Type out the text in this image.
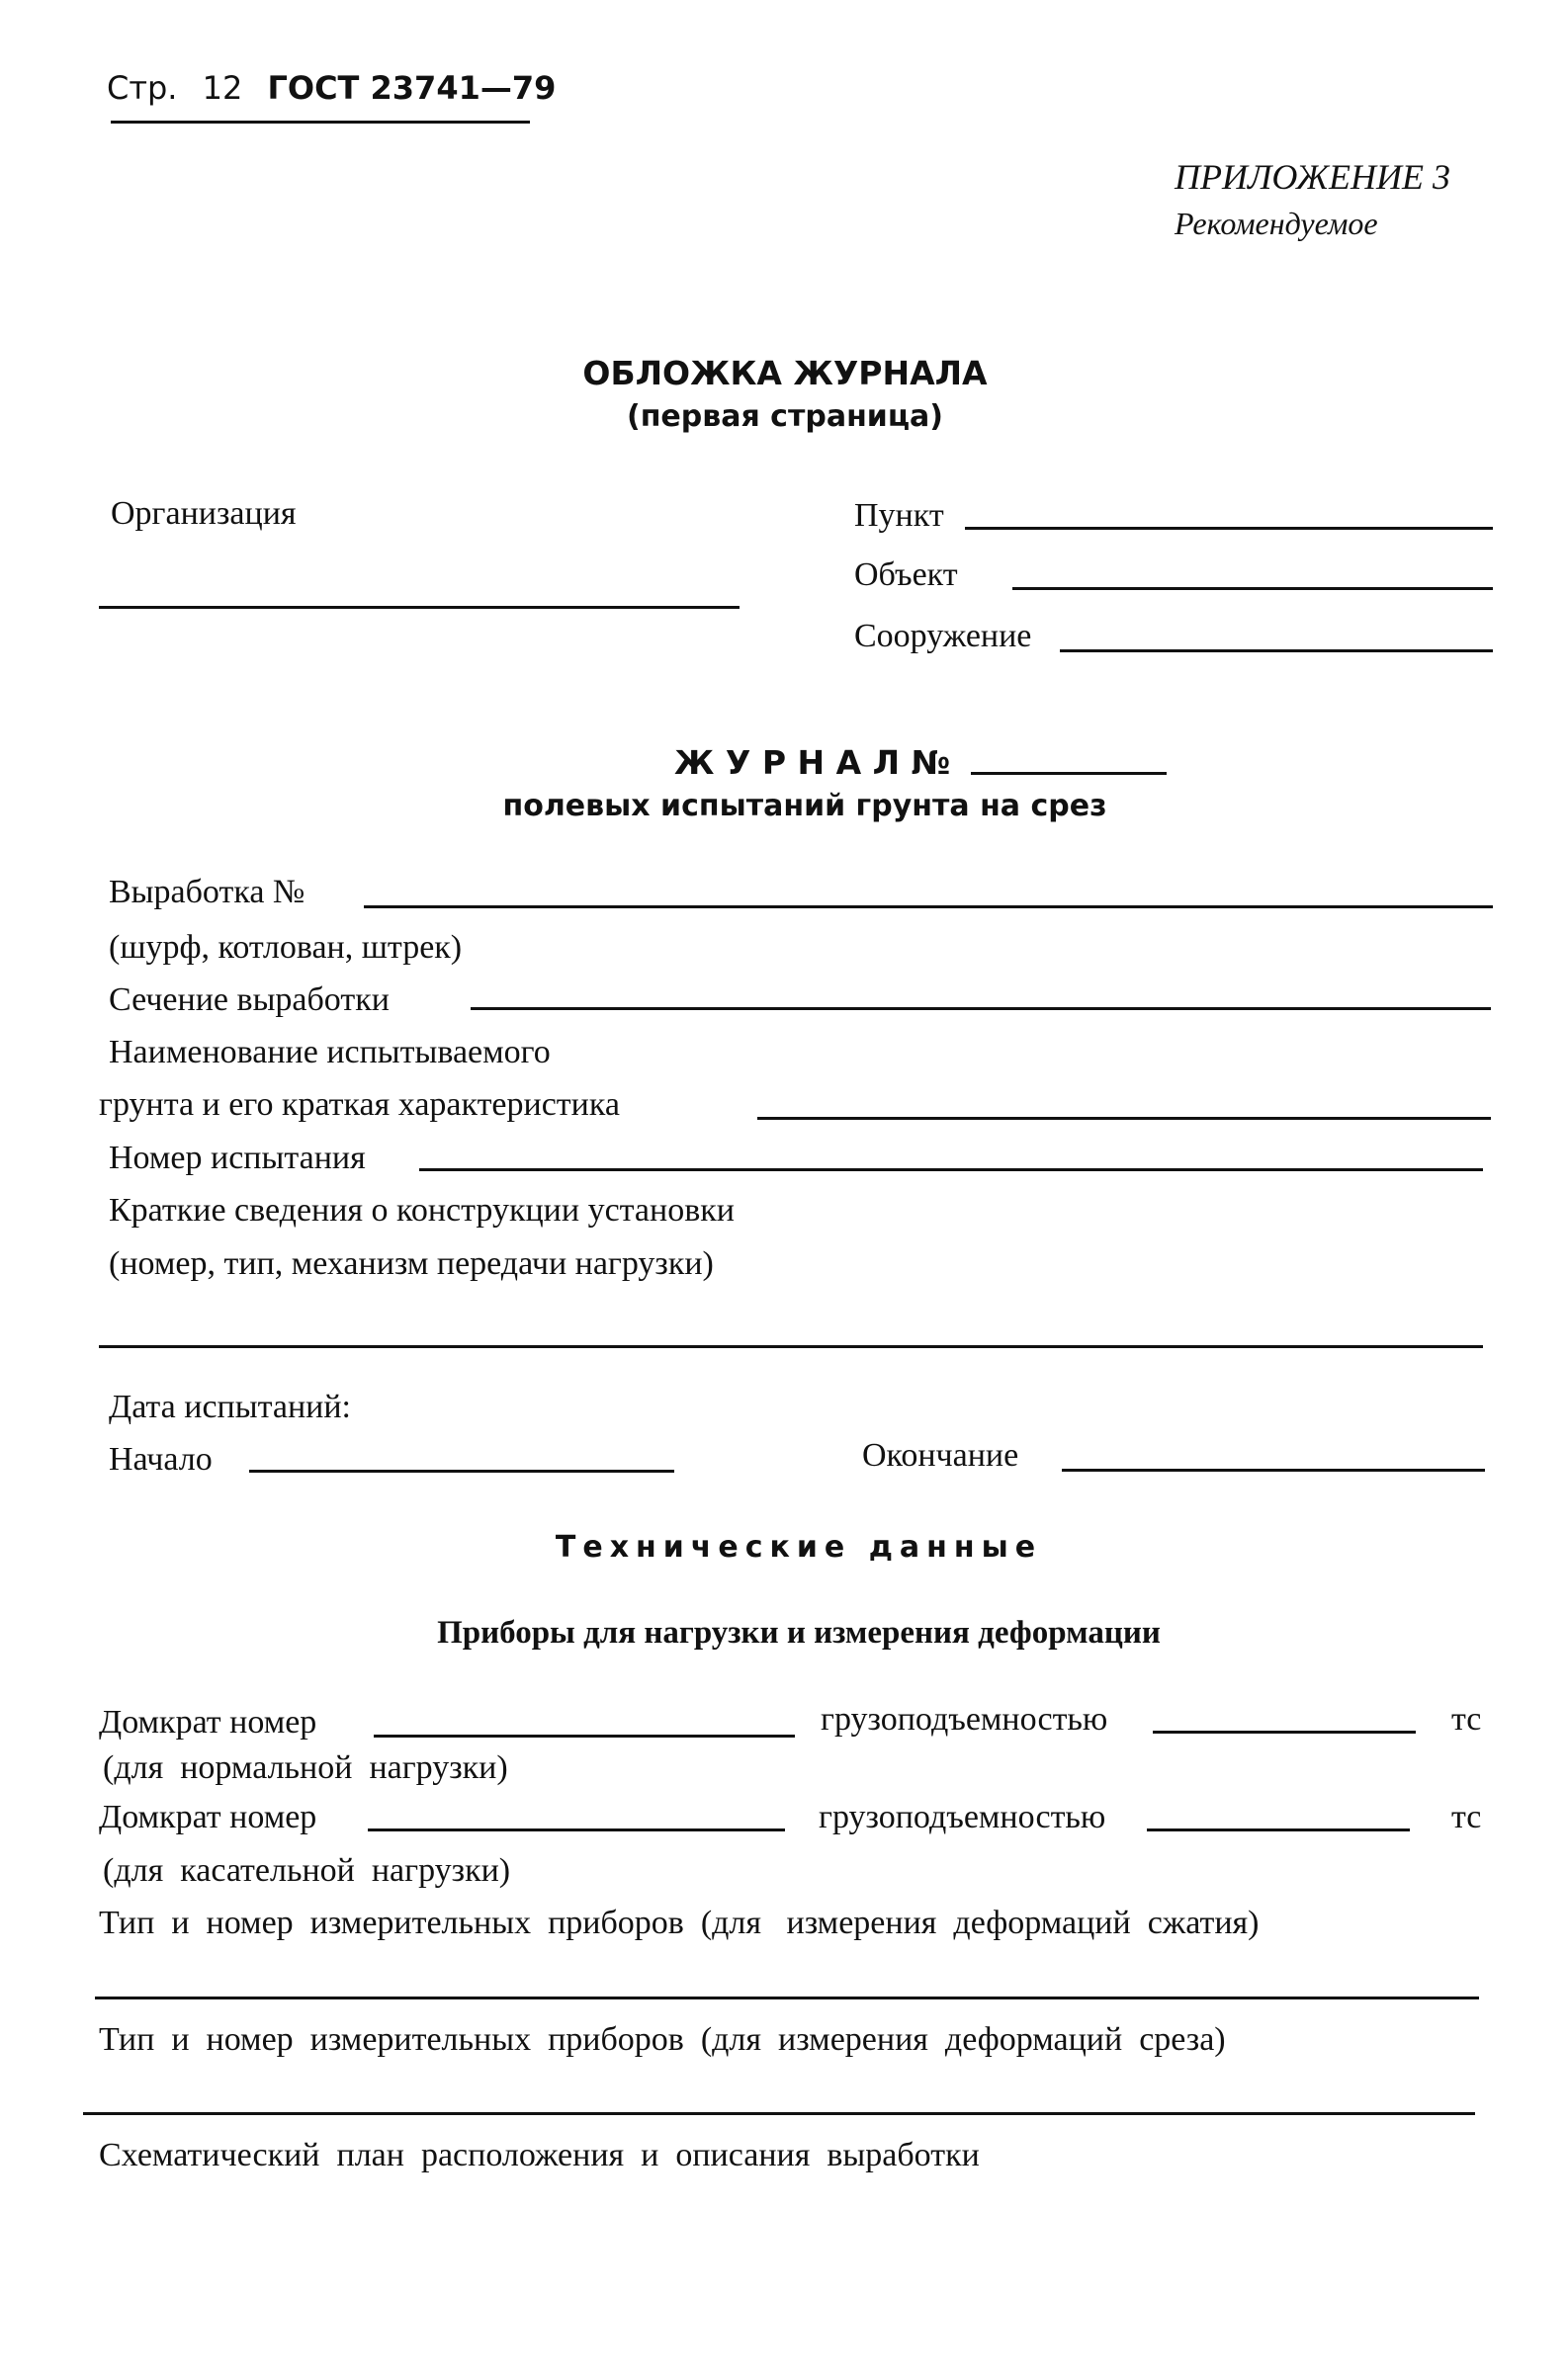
Стр. 12 ГОСТ 23741—79
ПРИЛОЖЕНИЕ 3
Рекомендуемое
ОБЛОЖКА ЖУРНАЛА
(первая страница)
Организация	Пункт
Объект
Сооружение
Ж У Р Н А Л №
полевых испытаний грунта на срез
Выработка №
(шурф, котлован, штрек)
Сечение выработки
Наименование испытываемого
грунта и его краткая характеристика
Номер испытания
Краткие сведения о конструкции установки
(номер, тип, механизм передачи нагрузки)
Дата испытаний:
Начало	Окончание
Технические данные
Приборы для нагрузки и измерения деформации
Домкрат номер	грузоподъемностью	тс
(для  нормальной  нагрузки)
Домкрат номер	грузоподъемностью	тс
(для  касательной  нагрузки)
Тип  и  номер  измерительных  приборов  (для   измерения  деформаций  сжатия)
Тип  и  номер  измерительных  приборов  (для  измерения  деформаций  среза)
Схематический  план  расположения  и  описания  выработки
